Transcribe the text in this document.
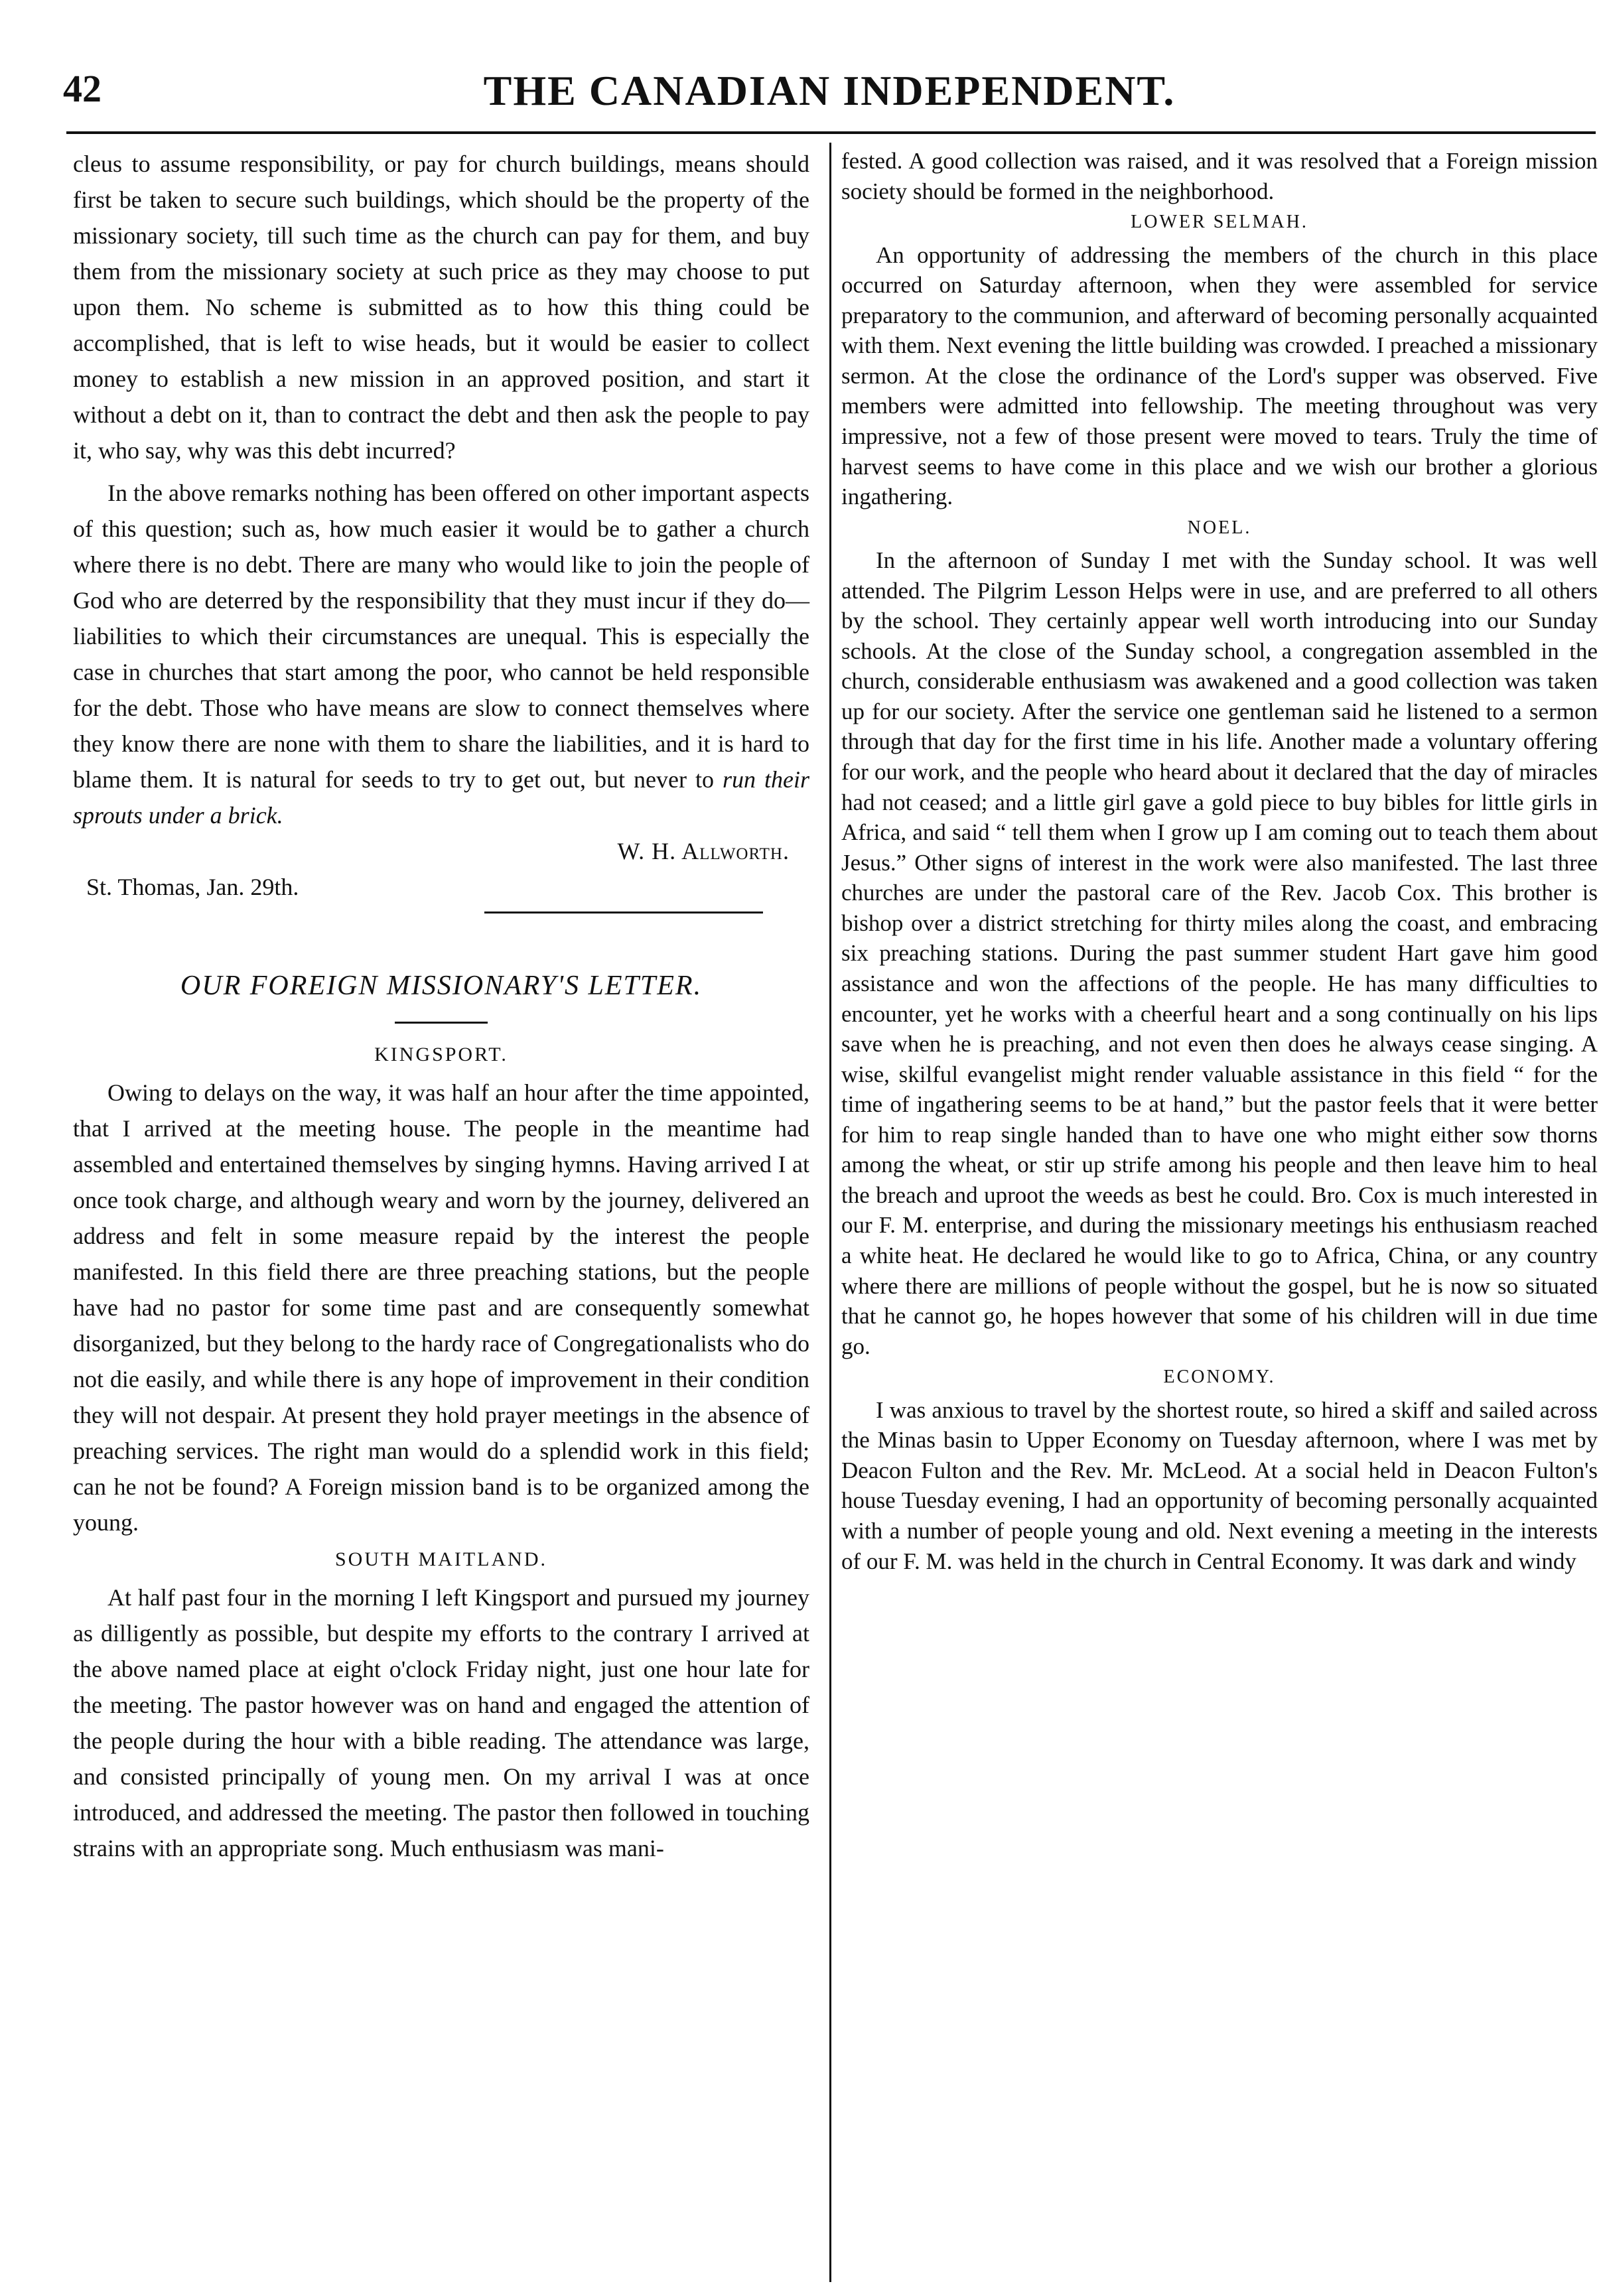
42	THE CANADIAN INDEPENDENT.

cleus to assume responsibility, or pay for church buildings, means should first be taken to secure such buildings, which should be the property of the missionary society, till such time as the church can pay for them, and buy them from the missionary society at such price as they may choose to put upon them. No scheme is submitted as to how this thing could be accomplished, that is left to wise heads, but it would be easier to collect money to establish a new mission in an approved position, and start it without a debt on it, than to contract the debt and then ask the people to pay it, who say, why was this debt incurred?

In the above remarks nothing has been offered on other important aspects of this question; such as, how much easier it would be to gather a church where there is no debt. There are many who would like to join the people of God who are deterred by the responsibility that they must incur if they do—liabilities to which their circumstances are unequal. This is especially the case in churches that start among the poor, who cannot be held responsible for the debt. Those who have means are slow to connect themselves where they know there are none with them to share the liabilities, and it is hard to blame them. It is natural for seeds to try to get out, but never to run their sprouts under a brick.

W. H. Allworth.

St. Thomas, Jan. 29th.

OUR FOREIGN MISSIONARY'S LETTER.

KINGSPORT.

Owing to delays on the way, it was half an hour after the time appointed, that I arrived at the meeting house. The people in the meantime had assembled and entertained themselves by singing hymns. Having arrived I at once took charge, and although weary and worn by the journey, delivered an address and felt in some measure repaid by the interest the people manifested. In this field there are three preaching stations, but the people have had no pastor for some time past and are consequently somewhat disorganized, but they belong to the hardy race of Congregationalists who do not die easily, and while there is any hope of improvement in their condition they will not despair. At present they hold prayer meetings in the absence of preaching services. The right man would do a splendid work in this field; can he not be found? A Foreign mission band is to be organized among the young.

SOUTH MAITLAND.

At half past four in the morning I left Kingsport and pursued my journey as dilligently as possible, but despite my efforts to the contrary I arrived at the above named place at eight o'clock Friday night, just one hour late for the meeting. The pastor however was on hand and engaged the attention of the people during the hour with a bible reading. The attendance was large, and consisted principally of young men. On my arrival I was at once introduced, and addressed the meeting. The pastor then followed in touching strains with an appropriate song. Much enthusiasm was mani-

fested. A good collection was raised, and it was resolved that a Foreign mission society should be formed in the neighborhood.

LOWER SELMAH.

An opportunity of addressing the members of the church in this place occurred on Saturday afternoon, when they were assembled for service preparatory to the communion, and afterward of becoming personally acquainted with them. Next evening the little building was crowded. I preached a missionary sermon. At the close the ordinance of the Lord's supper was observed. Five members were admitted into fellowship. The meeting throughout was very impressive, not a few of those present were moved to tears. Truly the time of harvest seems to have come in this place and we wish our brother a glorious ingathering.

NOEL.

In the afternoon of Sunday I met with the Sunday school. It was well attended. The Pilgrim Lesson Helps were in use, and are preferred to all others by the school. They certainly appear well worth introducing into our Sunday schools. At the close of the Sunday school, a congregation assembled in the church, considerable enthusiasm was awakened and a good collection was taken up for our society. After the service one gentleman said he listened to a sermon through that day for the first time in his life. Another made a voluntary offering for our work, and the people who heard about it declared that the day of miracles had not ceased; and a little girl gave a gold piece to buy bibles for little girls in Africa, and said “ tell them when I grow up I am coming out to teach them about Jesus.” Other signs of interest in the work were also manifested. The last three churches are under the pastoral care of the Rev. Jacob Cox. This brother is bishop over a district stretching for thirty miles along the coast, and embracing six preaching stations. During the past summer student Hart gave him good assistance and won the affections of the people. He has many difficulties to encounter, yet he works with a cheerful heart and a song continually on his lips save when he is preaching, and not even then does he always cease singing. A wise, skilful evangelist might render valuable assistance in this field “ for the time of ingathering seems to be at hand,” but the pastor feels that it were better for him to reap single handed than to have one who might either sow thorns among the wheat, or stir up strife among his people and then leave him to heal the breach and uproot the weeds as best he could. Bro. Cox is much interested in our F. M. enterprise, and during the missionary meetings his enthusiasm reached a white heat. He declared he would like to go to Africa, China, or any country where there are millions of people without the gospel, but he is now so situated that he cannot go, he hopes however that some of his children will in due time go.

ECONOMY.

I was anxious to travel by the shortest route, so hired a skiff and sailed across the Minas basin to Upper Economy on Tuesday afternoon, where I was met by Deacon Fulton and the Rev. Mr. McLeod. At a social held in Deacon Fulton's house Tuesday evening, I had an opportunity of becoming personally acquainted with a number of people young and old. Next evening a meeting in the interests of our F. M. was held in the church in Central Economy. It was dark and windy
